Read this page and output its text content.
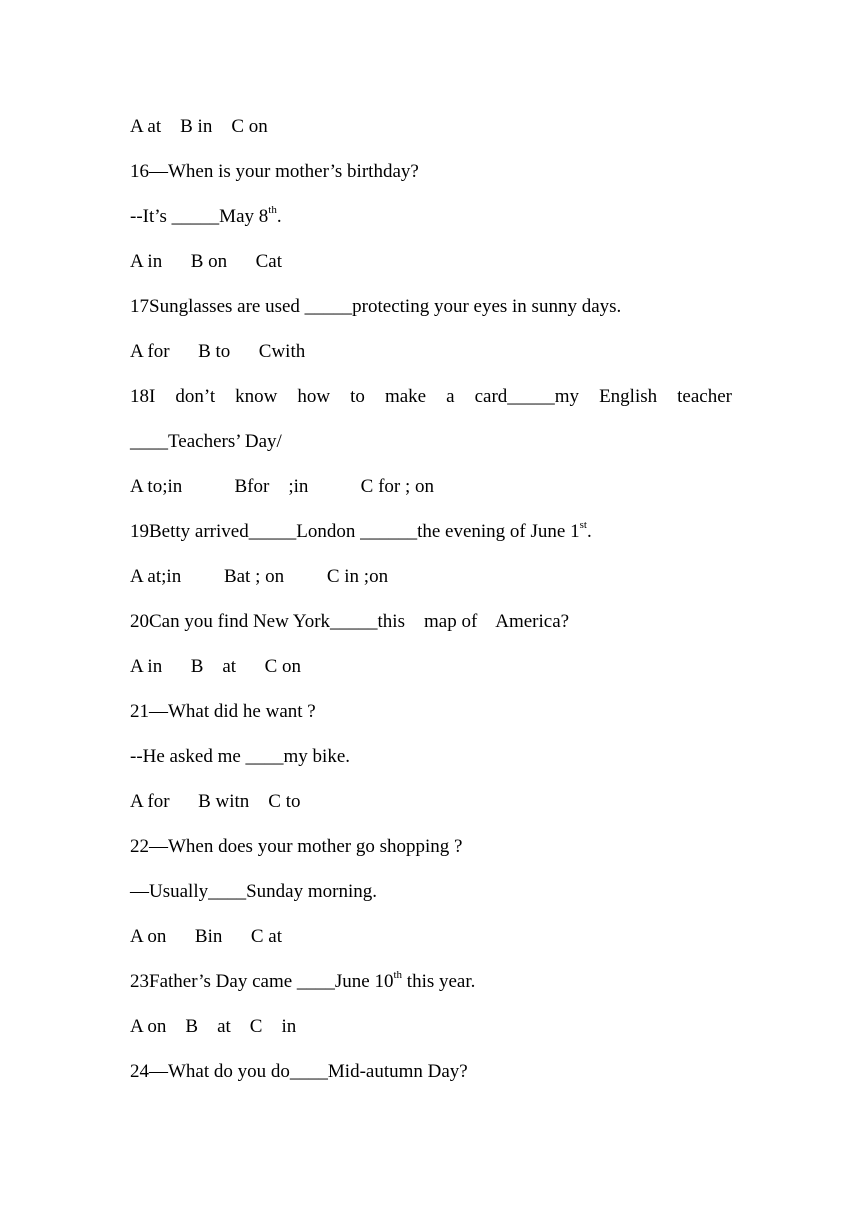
A at    B in    C on
16—When is your mother’s birthday?
--It’s _____May 8th.
A in      B on      Cat
17Sunglasses are used _____protecting your eyes in sunny days.
A for      B to      Cwith
18I don’t know how to make a card_____my English teacher
____Teachers’ Day/
A to;in           Bfor    ;in           C for ; on
19Betty arrived_____London ______the evening of June 1st.
A at;in         Bat ; on         C in ;on
20Can you find New York_____this    map of    America?
A in      B    at      C on
21—What did he want ?
--He asked me ____my bike.
A for      B witn    C to
22—When does your mother go shopping ?
—Usually____Sunday morning.
A on      Bin      C at
23Father’s Day came ____June 10th this year.
A on    B    at    C    in
24—What do you do____Mid-autumn Day?
